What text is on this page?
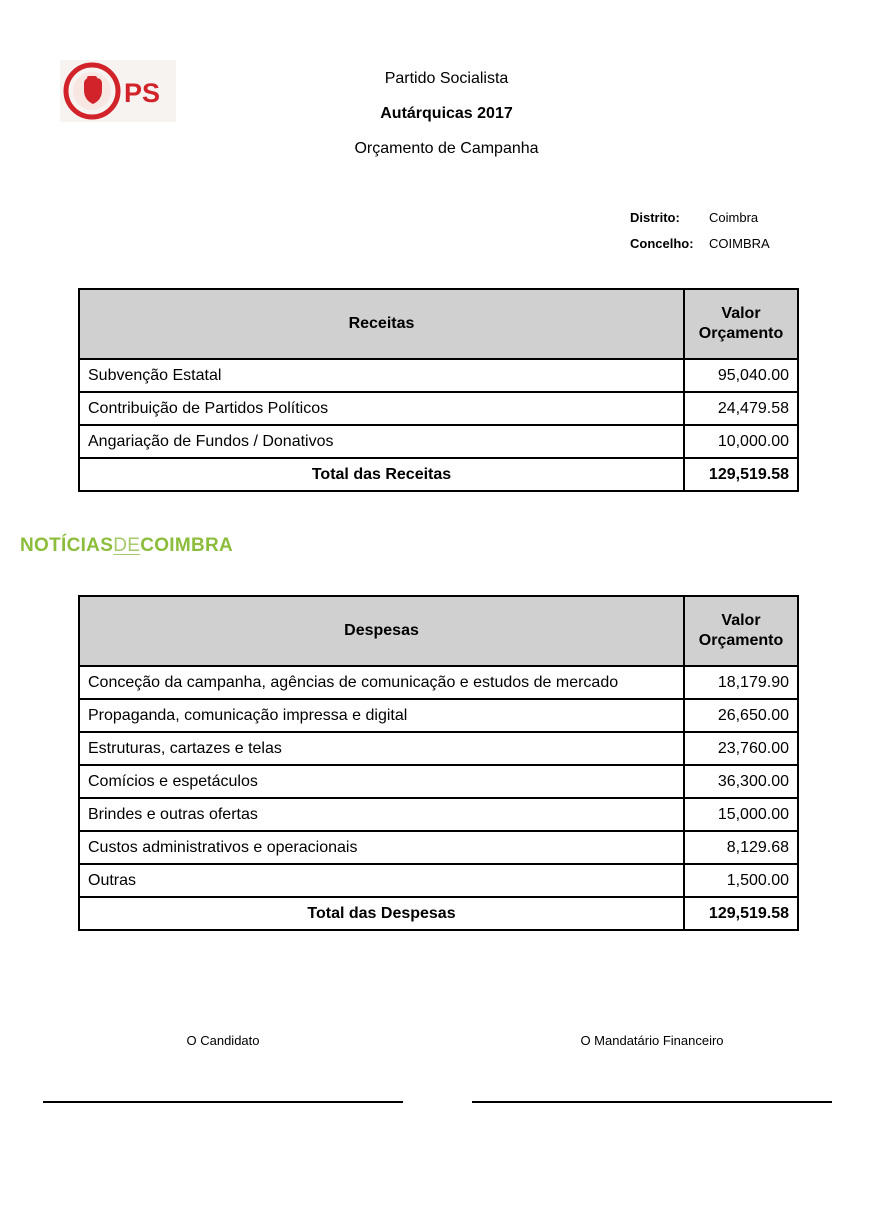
PS	Partido Socialista
Autárquicas 2017
Orçamento de Campanha
Distrito: Coimbra
Concelho: COIMBRA
Receitas	Valor
Orçamento
Subvenção Estatal	95,040.00
Contribuição de Partidos Políticos	24,479.58
Angariação de Fundos / Donativos	10,000.00
Total das Receitas	129,519.58
NOTÍCIASDECOIMBRA
Despesas	Valor
Orçamento
Conceção da campanha, agências de comunicação e estudos de mercado	18,179.90
Propaganda, comunicação impressa e digital	26,650.00
Estruturas, cartazes e telas	23,760.00
Comícios e espetáculos	36,300.00
Brindes e outras ofertas	15,000.00
Custos administrativos e operacionais	8,129.68
Outras	1,500.00
Total das Despesas	129,519.58
O Candidato	O Mandatário Financeiro
